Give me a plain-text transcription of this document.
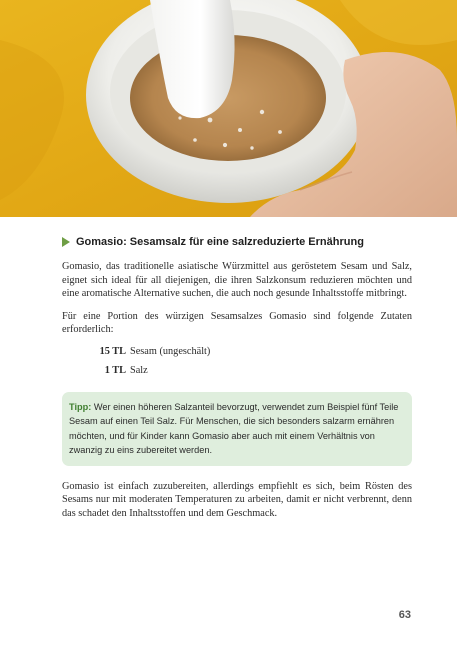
Gomasio: Sesamsalz für eine salzreduzierte Ernährung

Gomasio, das traditionelle asiatische Würzmittel aus geröstetem Sesam und Salz, eignet sich ideal für all diejenigen, die ihren Salzkonsum reduzieren möchten und eine aromatische Alternative suchen, die auch noch gesunde Inhaltsstoffe mitbringt.

Für eine Portion des würzigen Sesamsalzes Gomasio sind folgende Zutaten erforderlich:

15 TL Sesam (ungeschält)
1 TL Salz
Tipp: Wer einen höheren Salzanteil bevorzugt, verwendet zum Beispiel fünf Teile Sesam auf einen Teil Salz. Für Menschen, die sich besonders salzarm ernähren möchten, und für Kinder kann Gomasio aber auch mit einem Verhältnis von zwanzig zu eins zubereitet werden.

Gomasio ist einfach zuzubereiten, allerdings empfiehlt es sich, beim Rösten des Sesams nur mit moderaten Temperaturen zu arbeiten, damit er nicht verbrennt, denn das schadet den Inhaltsstoffen und dem Geschmack.

63
